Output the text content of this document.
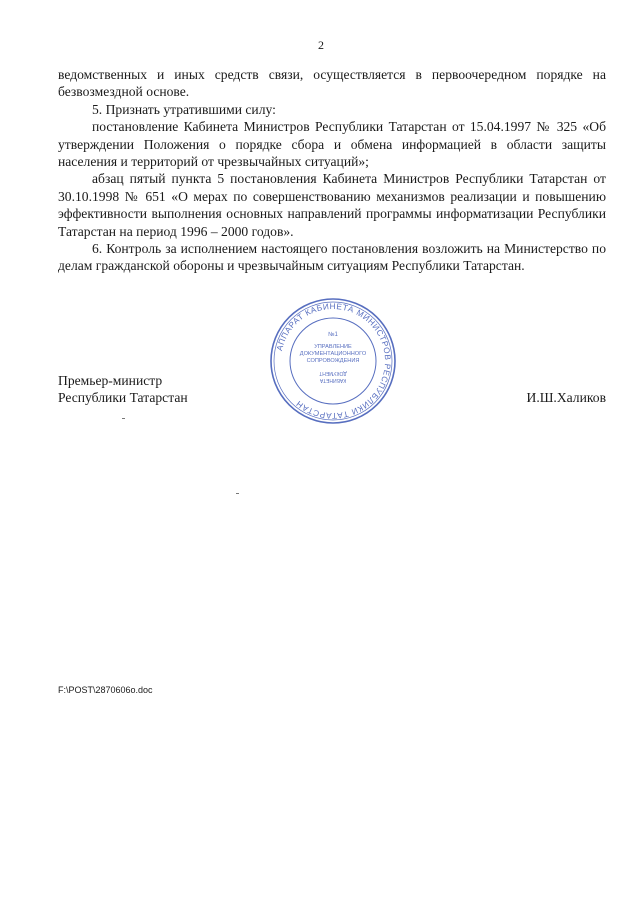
2

ведомственных и иных средств связи, осуществляется в первоочередном порядке на безвозмездной основе.

5. Признать утратившими силу:

постановление Кабинета Министров Республики Татарстан от 15.04.1997 № 325 «Об утверждении Положения о порядке сбора и обмена информацией в области защиты населения и территорий от чрезвычайных ситуаций»;

абзац пятый пункта 5 постановления Кабинета Министров Республики Татарстан от 30.10.1998 № 651 «О мерах по совершенствованию механизмов реализации и повышению эффективности выполнения основных направлений программы информатизации Республики Татарстан на период 1996 – 2000 годов».

6. Контроль за исполнением настоящего постановления возложить на Министерство по делам гражданской обороны и чрезвычайным ситуациям Республики Татарстан.

АППАРАТ КАБИНЕТА МИНИСТРОВ РЕСПУБЛИКИ ТАТАРСТАН
№1
УПРАВЛЕНИЕ
ДОКУМЕНТАЦИОННОГО
СОПРОВОЖДЕНИЯ
ДОКУМЕНТ
КАБИНЕТА
Премьер-министр
Республики Татарстан	И.Ш.Халиков
F:\POST\2870606o.doc
